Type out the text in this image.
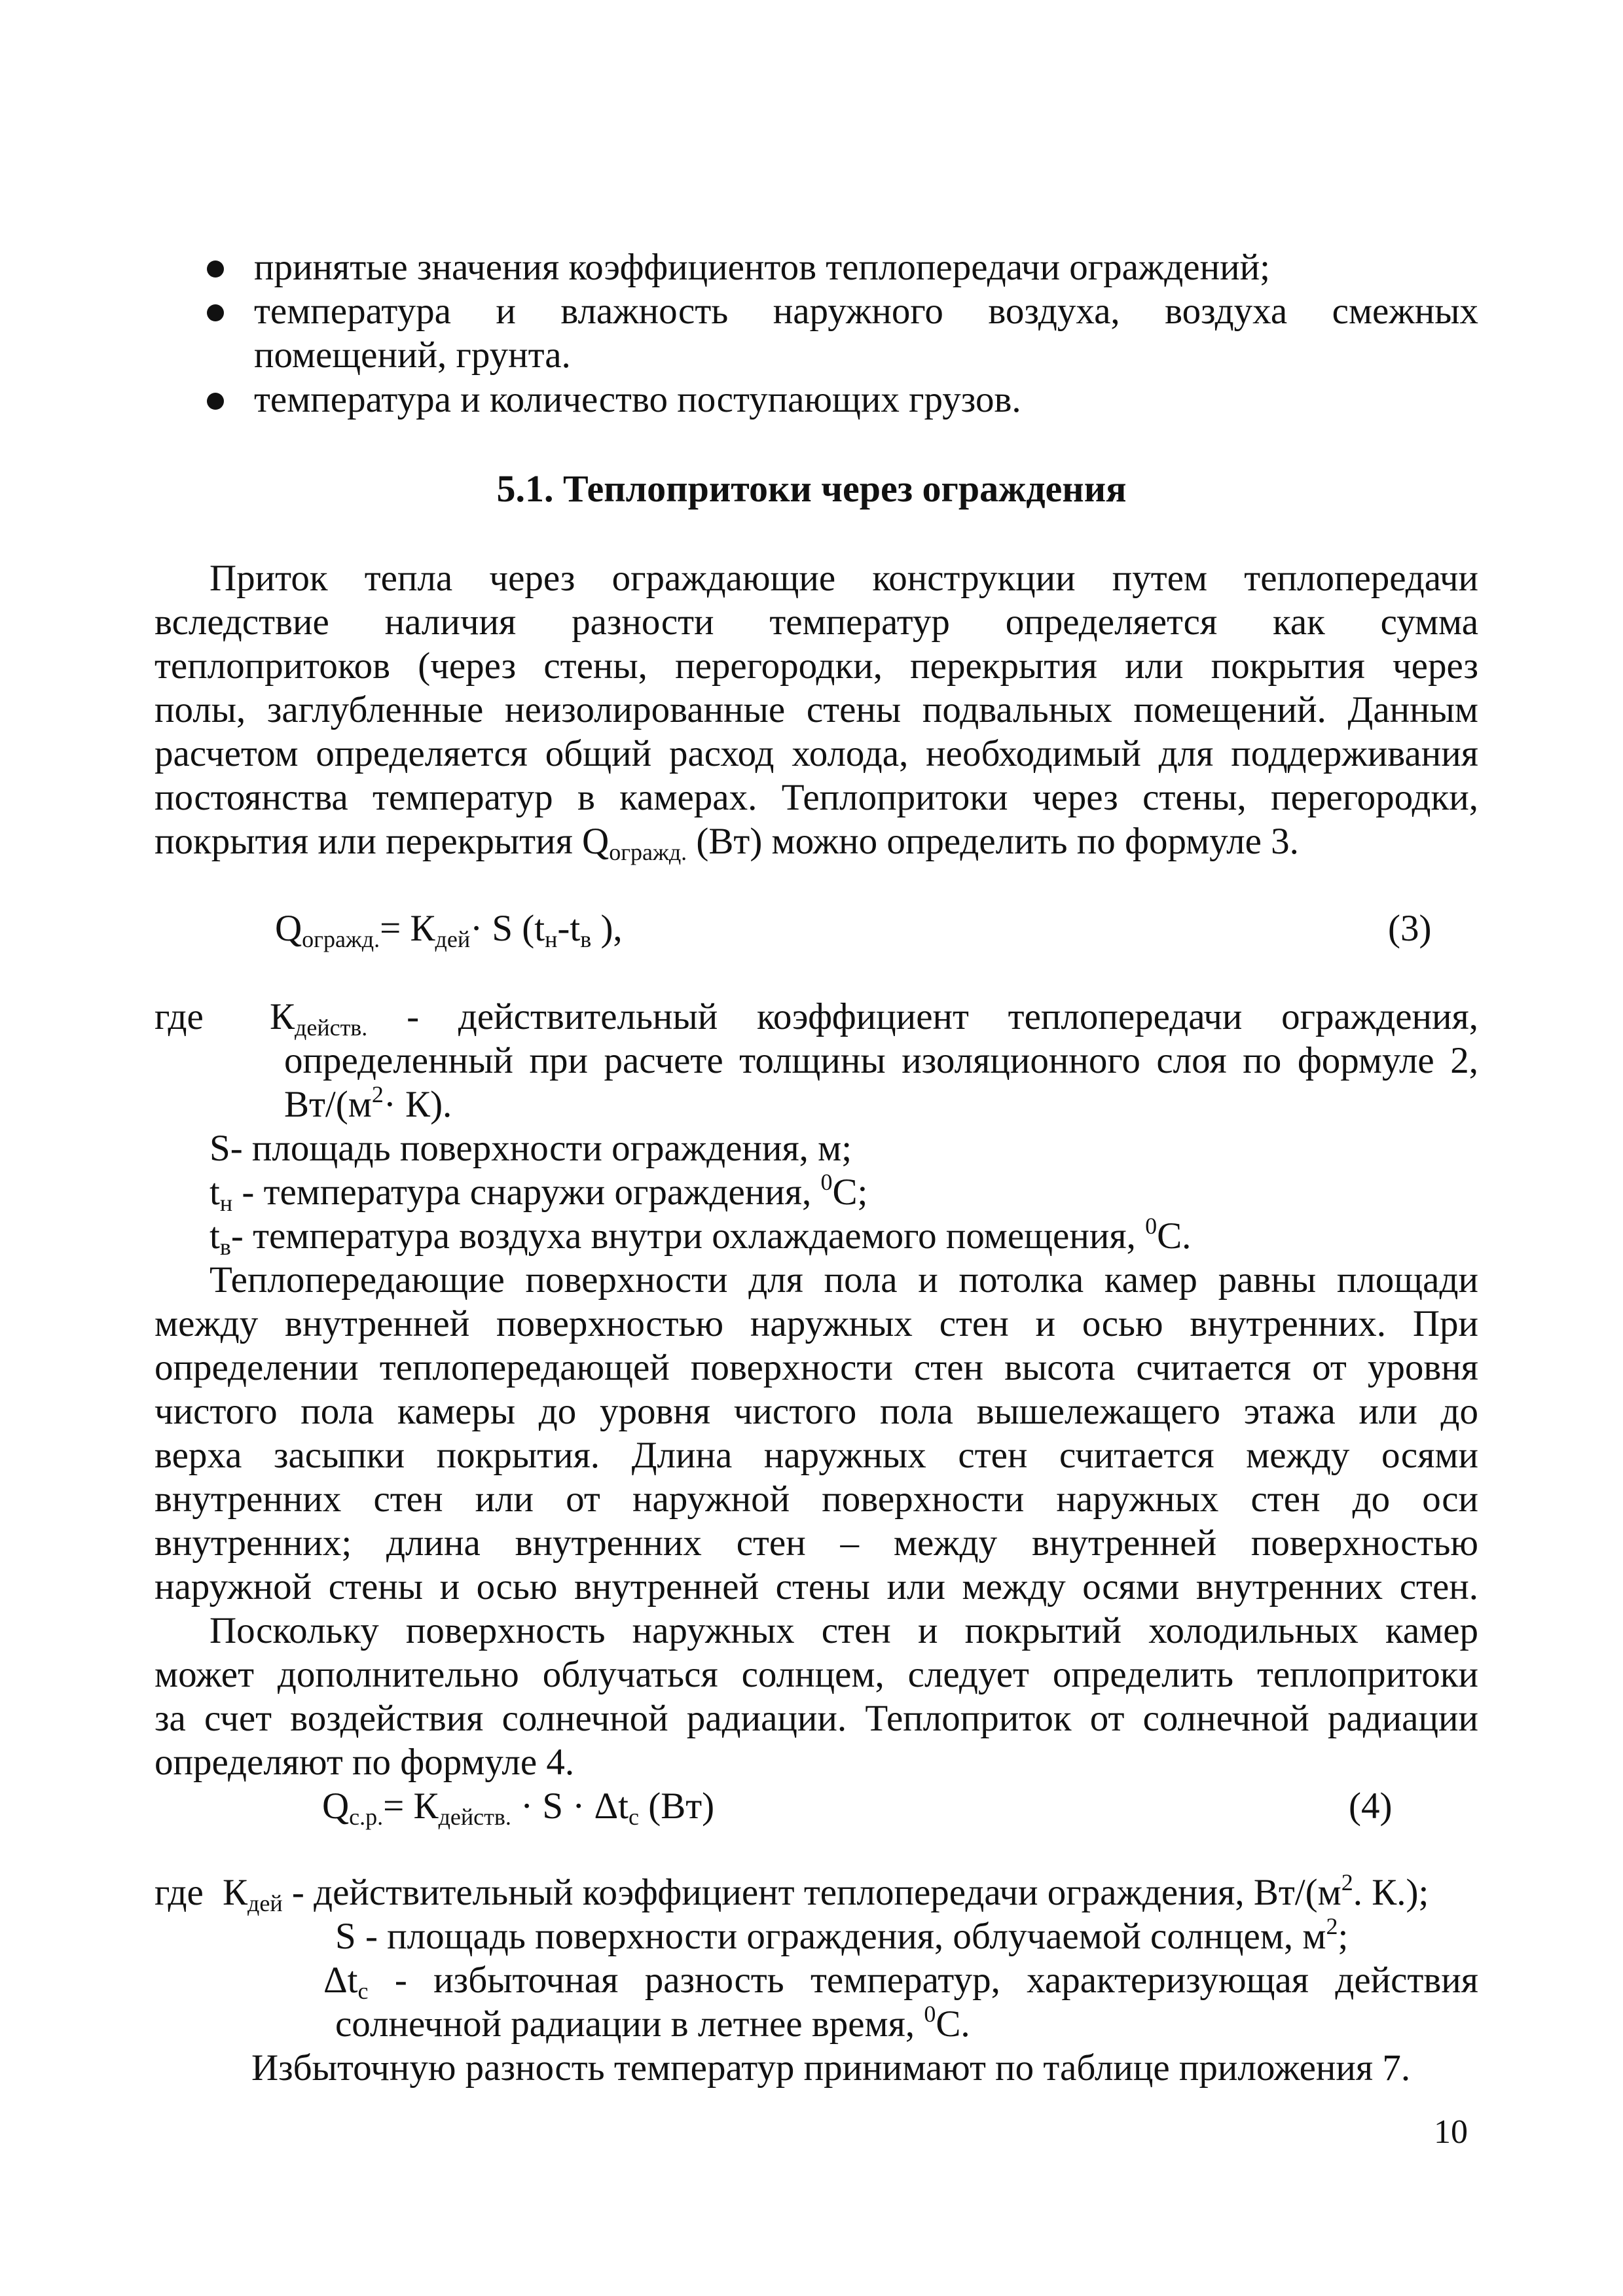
принятые значения коэффициентов теплопередачи ограждений;
температура и влажность наружного воздуха, воздуха смежных
помещений, грунта.
температура и количество поступающих грузов.
5.1. Теплопритоки через ограждения
Приток тепла через ограждающие конструкции путем теплопередачи
вследствие наличия разности температур определяется как сумма
теплопритоков (через стены, перегородки, перекрытия или покрытия через
полы, заглубленные неизолированные стены подвальных помещений. Данным
расчетом определяется общий расход холода, необходимый для поддерживания
постоянства температур в камерах. Теплопритоки через стены, перегородки,
покрытия или перекрытия $Q_{огражд.}$ (Вт) можно определить по формуле 3.
$Q_{огражд.}= К_{дей}\cdot S$ ($t_н-t_в$ ),	(3)
где $К_{действ.}$ - действительный коэффициент теплопередачи ограждения,
определенный при расчете толщины изоляционного слоя по формуле 2,
$Вт/(м^2\cdot К)$.
S- площадь поверхности ограждения, м;
$t_н$ - температура снаружи ограждения, $^0$С;
$t_в-$ температура воздуха внутри охлаждаемого помещения, $^0$С.
Теплопередающие поверхности для пола и потолка камер равны площади
между внутренней поверхностью наружных стен и осью внутренних. При
определении теплопередающей поверхности стен высота считается от уровня
чистого пола камеры до уровня чистого пола вышележащего этажа или до
верха засыпки покрытия. Длина наружных стен считается между осями
внутренних стен или от наружной поверхности наружных стен до оси
внутренних; длина внутренних стен – между внутренней поверхностью
наружной стены и осью внутренней стены или между осями внутренних стен.
Поскольку поверхность наружных стен и покрытий холодильных камер
может дополнительно облучаться солнцем, следует определить теплопритоки
за счет воздействия солнечной радиации. Теплоприток от солнечной радиации
определяют по формуле 4.
$Q_{с.р.}= К_{действ.} \cdot S \cdot \Delta t_с$ (Вт)	(4)
где $К_{дей}$ - действительный коэффициент теплопередачи ограждения, $Вт/(м^2$. К.);
S - площадь поверхности ограждения, облучаемой солнцем, $м^2$;
$\Delta t_с$ - избыточная разность температур, характеризующая действия
солнечной радиации в летнее время, $^0$С.
Избыточную разность температур принимают по таблице приложения 7.
10
